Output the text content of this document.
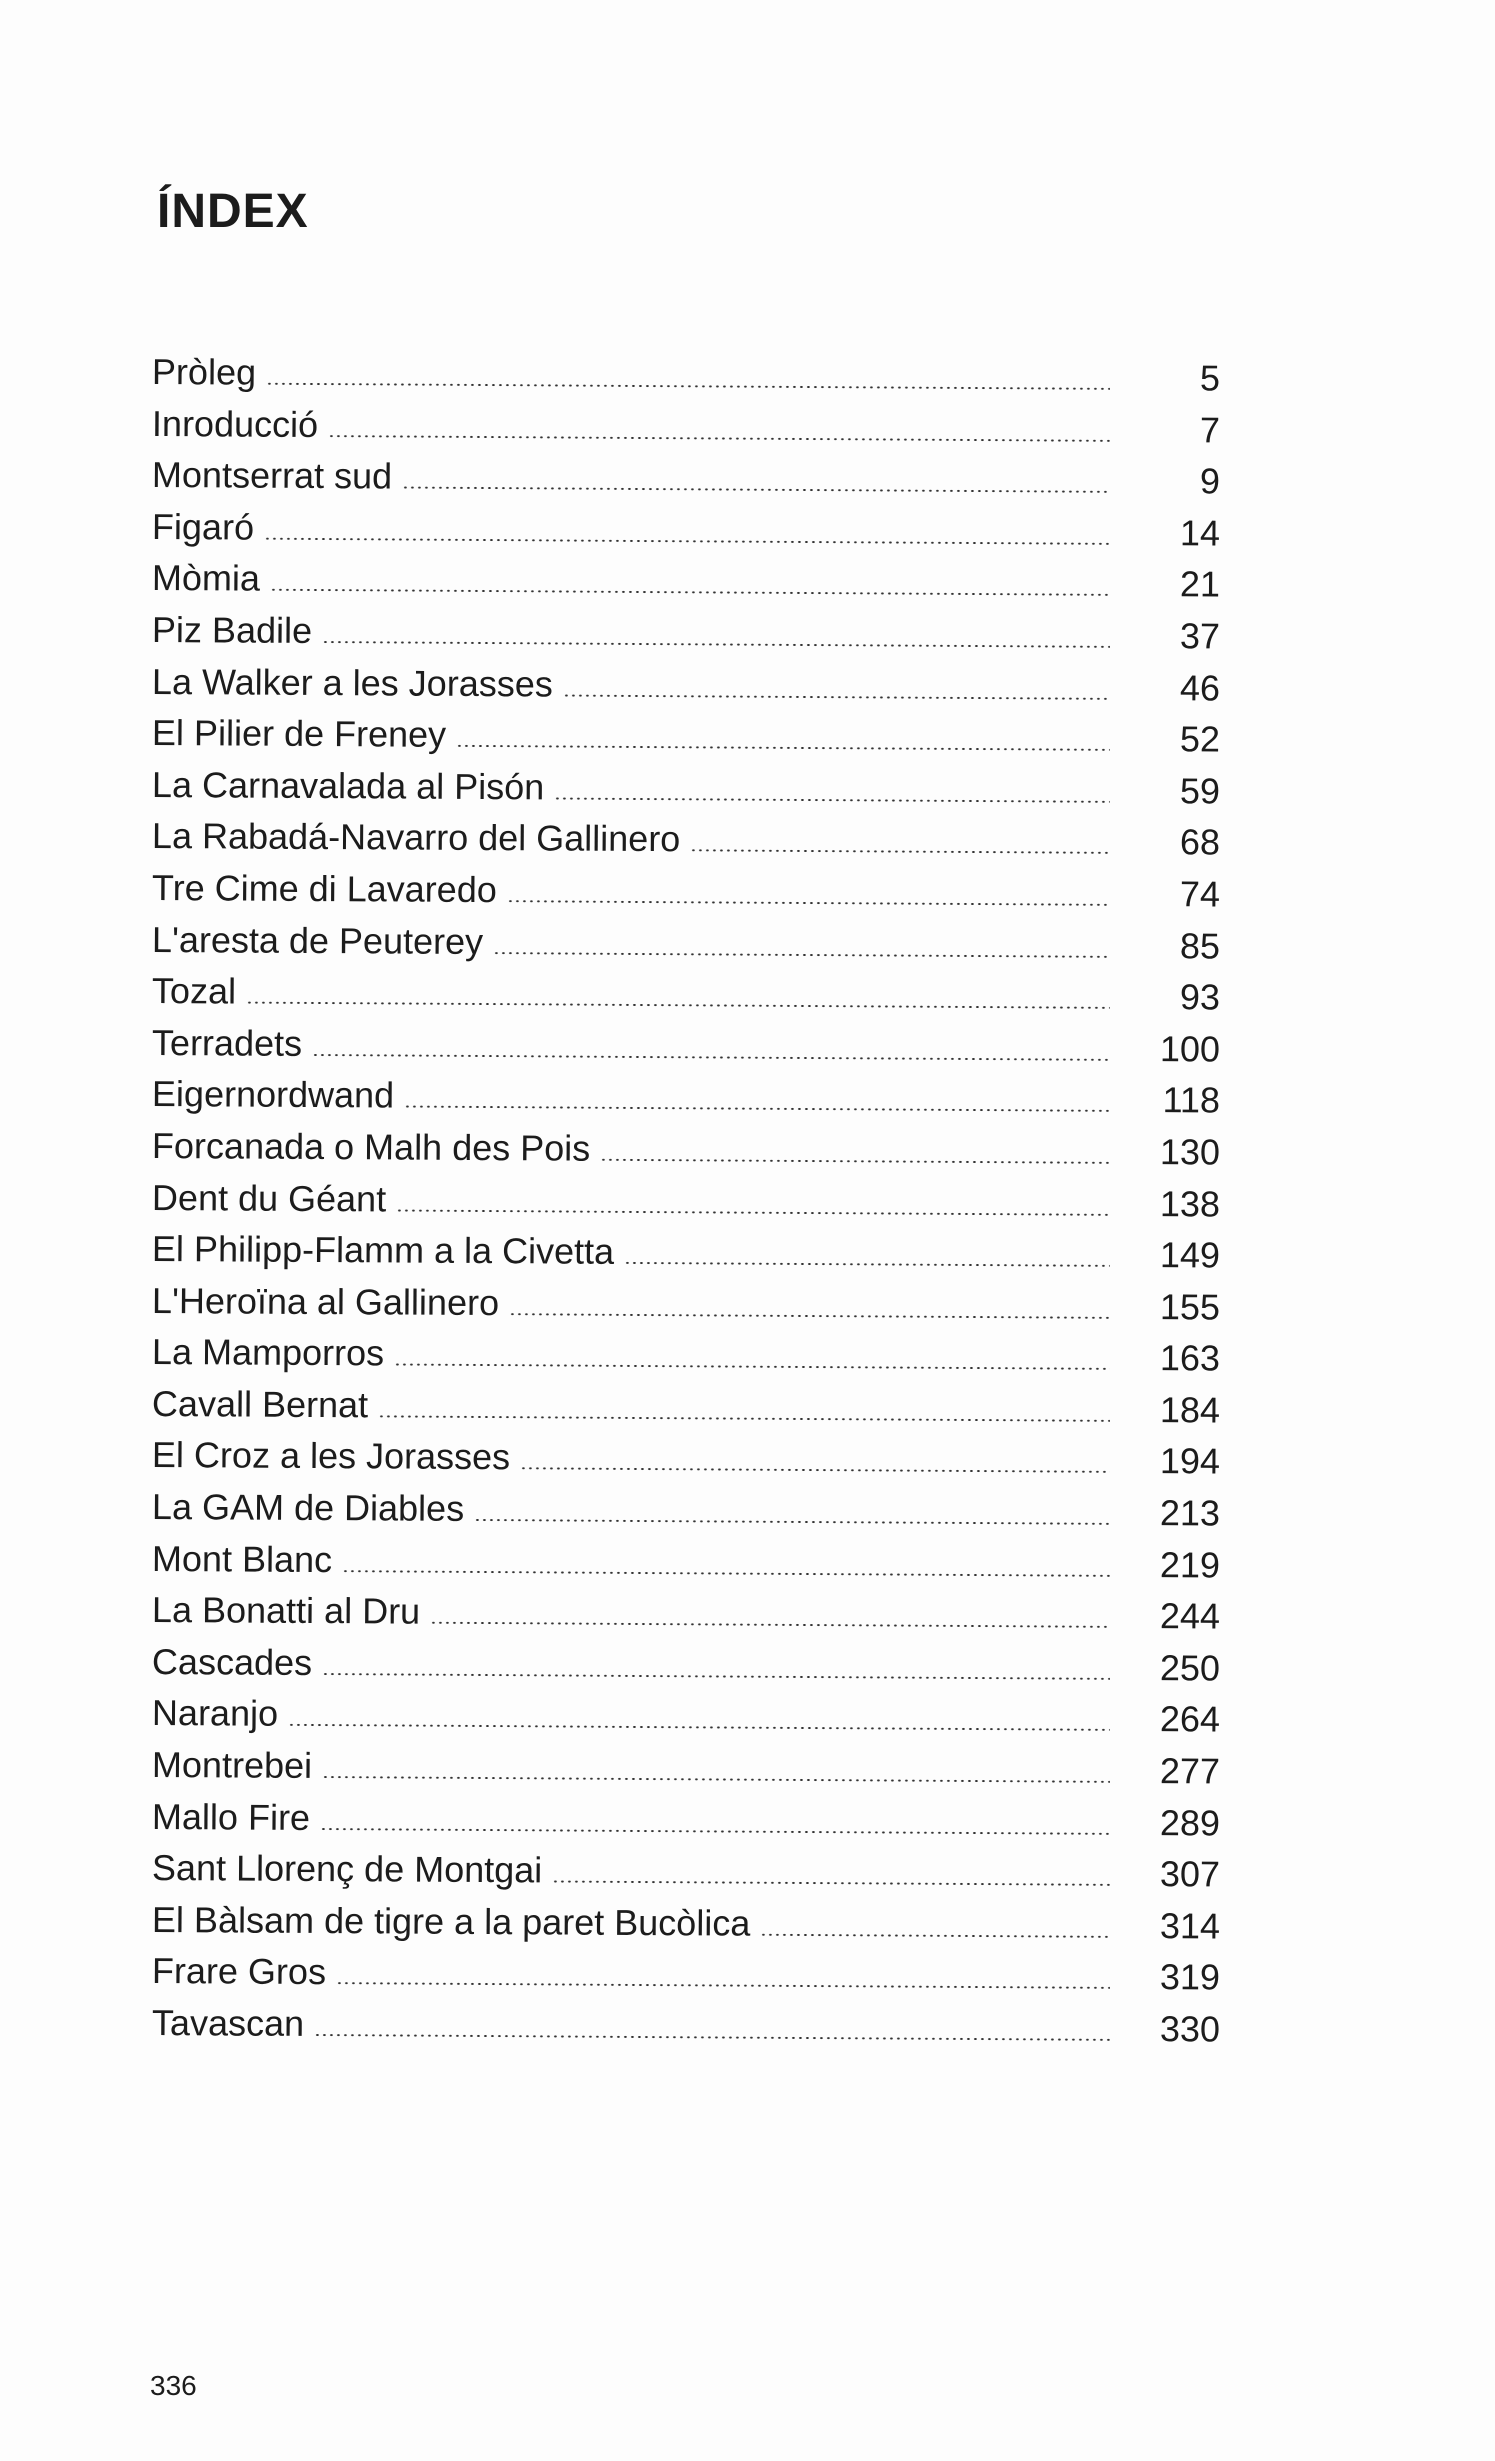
ÍNDEX
Pròleg	5
Inroducció	7
Montserrat sud	9
Figaró	14
Mòmia	21
Piz Badile	37
La Walker a les Jorasses	46
El Pilier de Freney	52
La Carnavalada al Pisón	59
La Rabadá-Navarro del Gallinero	68
Tre Cime di Lavaredo	74
L'aresta de Peuterey	85
Tozal	93
Terradets	100
Eigernordwand	118
Forcanada o Malh des Pois	130
Dent du Géant	138
El Philipp-Flamm a la Civetta	149
L'Heroïna al Gallinero	155
La Mamporros	163
Cavall Bernat	184
El Croz a les Jorasses	194
La GAM de Diables	213
Mont Blanc	219
La Bonatti al Dru	244
Cascades	250
Naranjo	264
Montrebei	277
Mallo Fire	289
Sant Llorenç de Montgai	307
El Bàlsam de tigre a la paret Bucòlica	314
Frare Gros	319
Tavascan	330

336
